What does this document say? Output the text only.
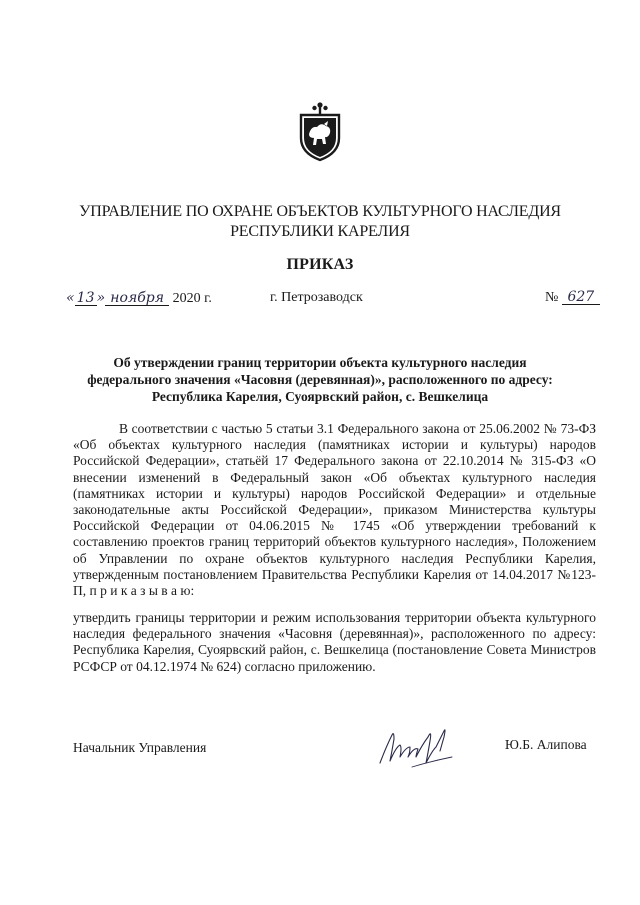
УПРАВЛЕНИЕ ПО ОХРАНЕ ОБЪЕКТОВ КУЛЬТУРНОГО НАСЛЕДИЯ
РЕСПУБЛИКИ КАРЕЛИЯ
ПРИКАЗ
« 13 » ноября 2020 г.	г. Петрозаводск	№ 627
Об утверждении границ территории объекта культурного наследия федерального значения «Часовня (деревянная)», расположенного по адресу: Республика Карелия, Суоярвский район, с. Вешкелица

В соответствии с частью 5 статьи 3.1 Федерального закона от 25.06.2002 № 73-ФЗ «Об объектах культурного наследия (памятниках истории и культуры) народов Российской Федерации», статьёй 17 Федерального закона от 22.10.2014 № 315-ФЗ «О внесении изменений в Федеральный закон «Об объектах культурного наследия (памятниках истории и культуры) народов Российской Федерации» и отдельные законодательные акты Российской Федерации», приказом Министерства культуры Российской Федерации от 04.06.2015 № 1745 «Об утверждении требований к составлению проектов границ территорий объектов культурного наследия», Положением об Управлении по охране объектов культурного наследия Республики Карелия, утвержденным постановлением Правительства Республики Карелия от 14.04.2017 №123-П, п р и к а з ы в а ю:

утвердить границы территории и режим использования территории объекта культурного наследия федерального значения «Часовня (деревянная)», расположенного по адресу: Республика Карелия, Суоярвский район, с. Вешкелица (постановление Совета Министров РСФСР от 04.12.1974 № 624) согласно приложению.

Начальник Управления	Ю.Б. Алипова
